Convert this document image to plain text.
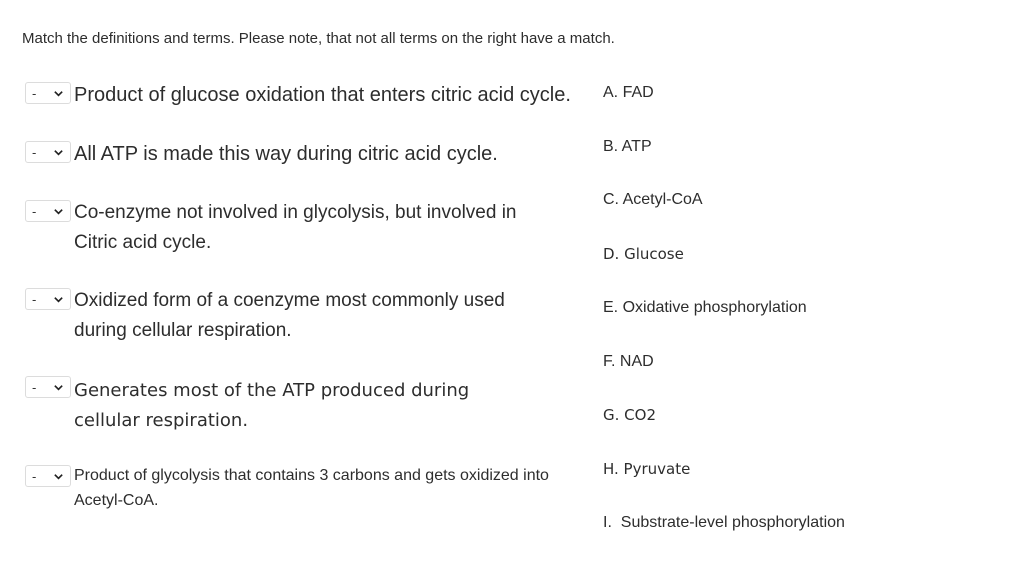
Match the definitions and terms. Please note, that not all terms on the right have a match.
- Product of glucose oxidation that enters citric acid cycle.
- All ATP is made this way during citric acid cycle.
- Co-enzyme not involved in glycolysis, but involved in Citric acid cycle.
- Oxidized form of a coenzyme most commonly used during cellular respiration.
- Generates most of the ATP produced during cellular respiration.
- Product of glycolysis that contains 3 carbons and gets oxidized into Acetyl-CoA.
A. FAD
B. ATP
C. Acetyl-CoA
D. Glucose
E. Oxidative phosphorylation
F. NAD
G. CO2
H. Pyruvate
I.  Substrate-level phosphorylation
